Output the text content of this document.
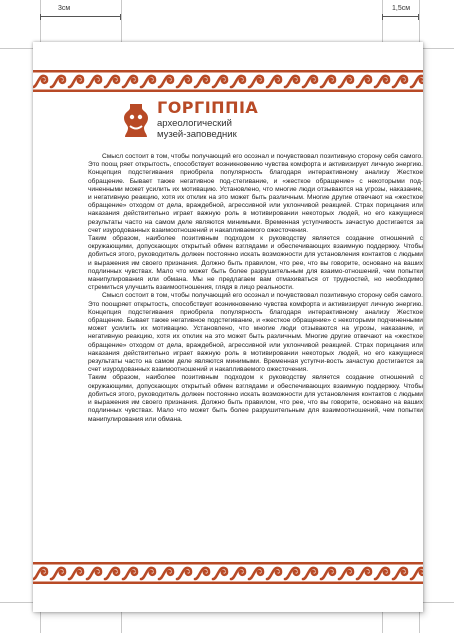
3см	1,5см
ГОРГIППIА
археологический
музей-заповедник

Смысл состоит в том, чтобы получающий его осознал и почувствовал позитивную сторону себя самого. Это поощ ряет открытость, способствует возникновению чувства комфорта и активизирует личную энергию. Концепция подстегивания приобрела популярность благодаря интерактивному анализу Жесткое обращение. Бывает также негативное под-стегивание, и «жесткое обращение» с некоторыми под-чиненными может усилить их мотивацию. Установлено, что многие люди отзываются на угрозы, наказание, и негативную реакцию, хотя их отклик на это может быть различным. Многие другие отвечают на «жесткое обращение» отходом от дела, враждебной, агрессивной или уклончивой реакцией. Страх порицания или наказания действительно играет важную роль в мотивировании некоторых людей, но его кажущиеся результаты часто на самом деле являются минимыми. Временная уступчивость зачастую достигается за счет изуродованных взаимоотношений и накапливаемого ожесточения.

Таким образом, наиболее позитивным подходом к руководству является создание отношений с окружающими, допускающих открытый обмен взглядами и обеспечивающих взаимную поддержку. Чтобы добиться этого, руководитель должен постоянно искать возможности для установления контактов с людьми и выражения им своего признания. Должно быть правилом, что рее, что вы говорите, основано на ваших подлинных чувствах. Мало что может быть более разрушительным для взаимо-отношений, чем попытки манипулирования или обмана. Мы не предлагаем вам отмахиваться от трудностей, но необходимо стремиться улучшить взаимоотношения, глядя в лицо реальности.

Смысл состоит в том, чтобы получающий его осознал и почувствовал позитивную сторону себя самого. Это поощряет открытость, способствует возникновению чувства комфорта и активизирует личную энергию. Концепция подстегивания приобрела популярность благодаря интерактивному анализу Жесткое обращение. Бывает также негативное подстегивание, и «жесткое обращение» с некоторыми подчиненными может усилить их мотивацию. Установлено, что многие люди отзываются на угрозы, наказание, и негативную реакцию, хотя их отклик на это может быть различным. Многие другие отвечают на «жесткое обращение» отходом от дела, враждебной, агрессивной или уклончивой реакцией. Страх порицания или наказания действительно играет важную роль в мотивировании некоторых людей, но его кажущиеся результаты часто на самом деле являются минимыми. Временная уступчи-вость зачастую достигается за счет изуродованных взаимоотношений и накапливаемого ожесточения.

Таким образом, наиболее позитивным подходом к руководству является создание отношений с окружающими, допускающих открытый обмен взглядами и обеспечивающих взаимную поддержку. Чтобы добиться этого, руководитель должен постоянно искать возможности для установления контактов с людьми и выражения им своего признания. Должно быть правилом, что рее, что вы говорите, основано на ваших подлинных чувствах. Мало что может быть более разрушительным для взаимоотношений, чем попытки манипулирования или обмана.
